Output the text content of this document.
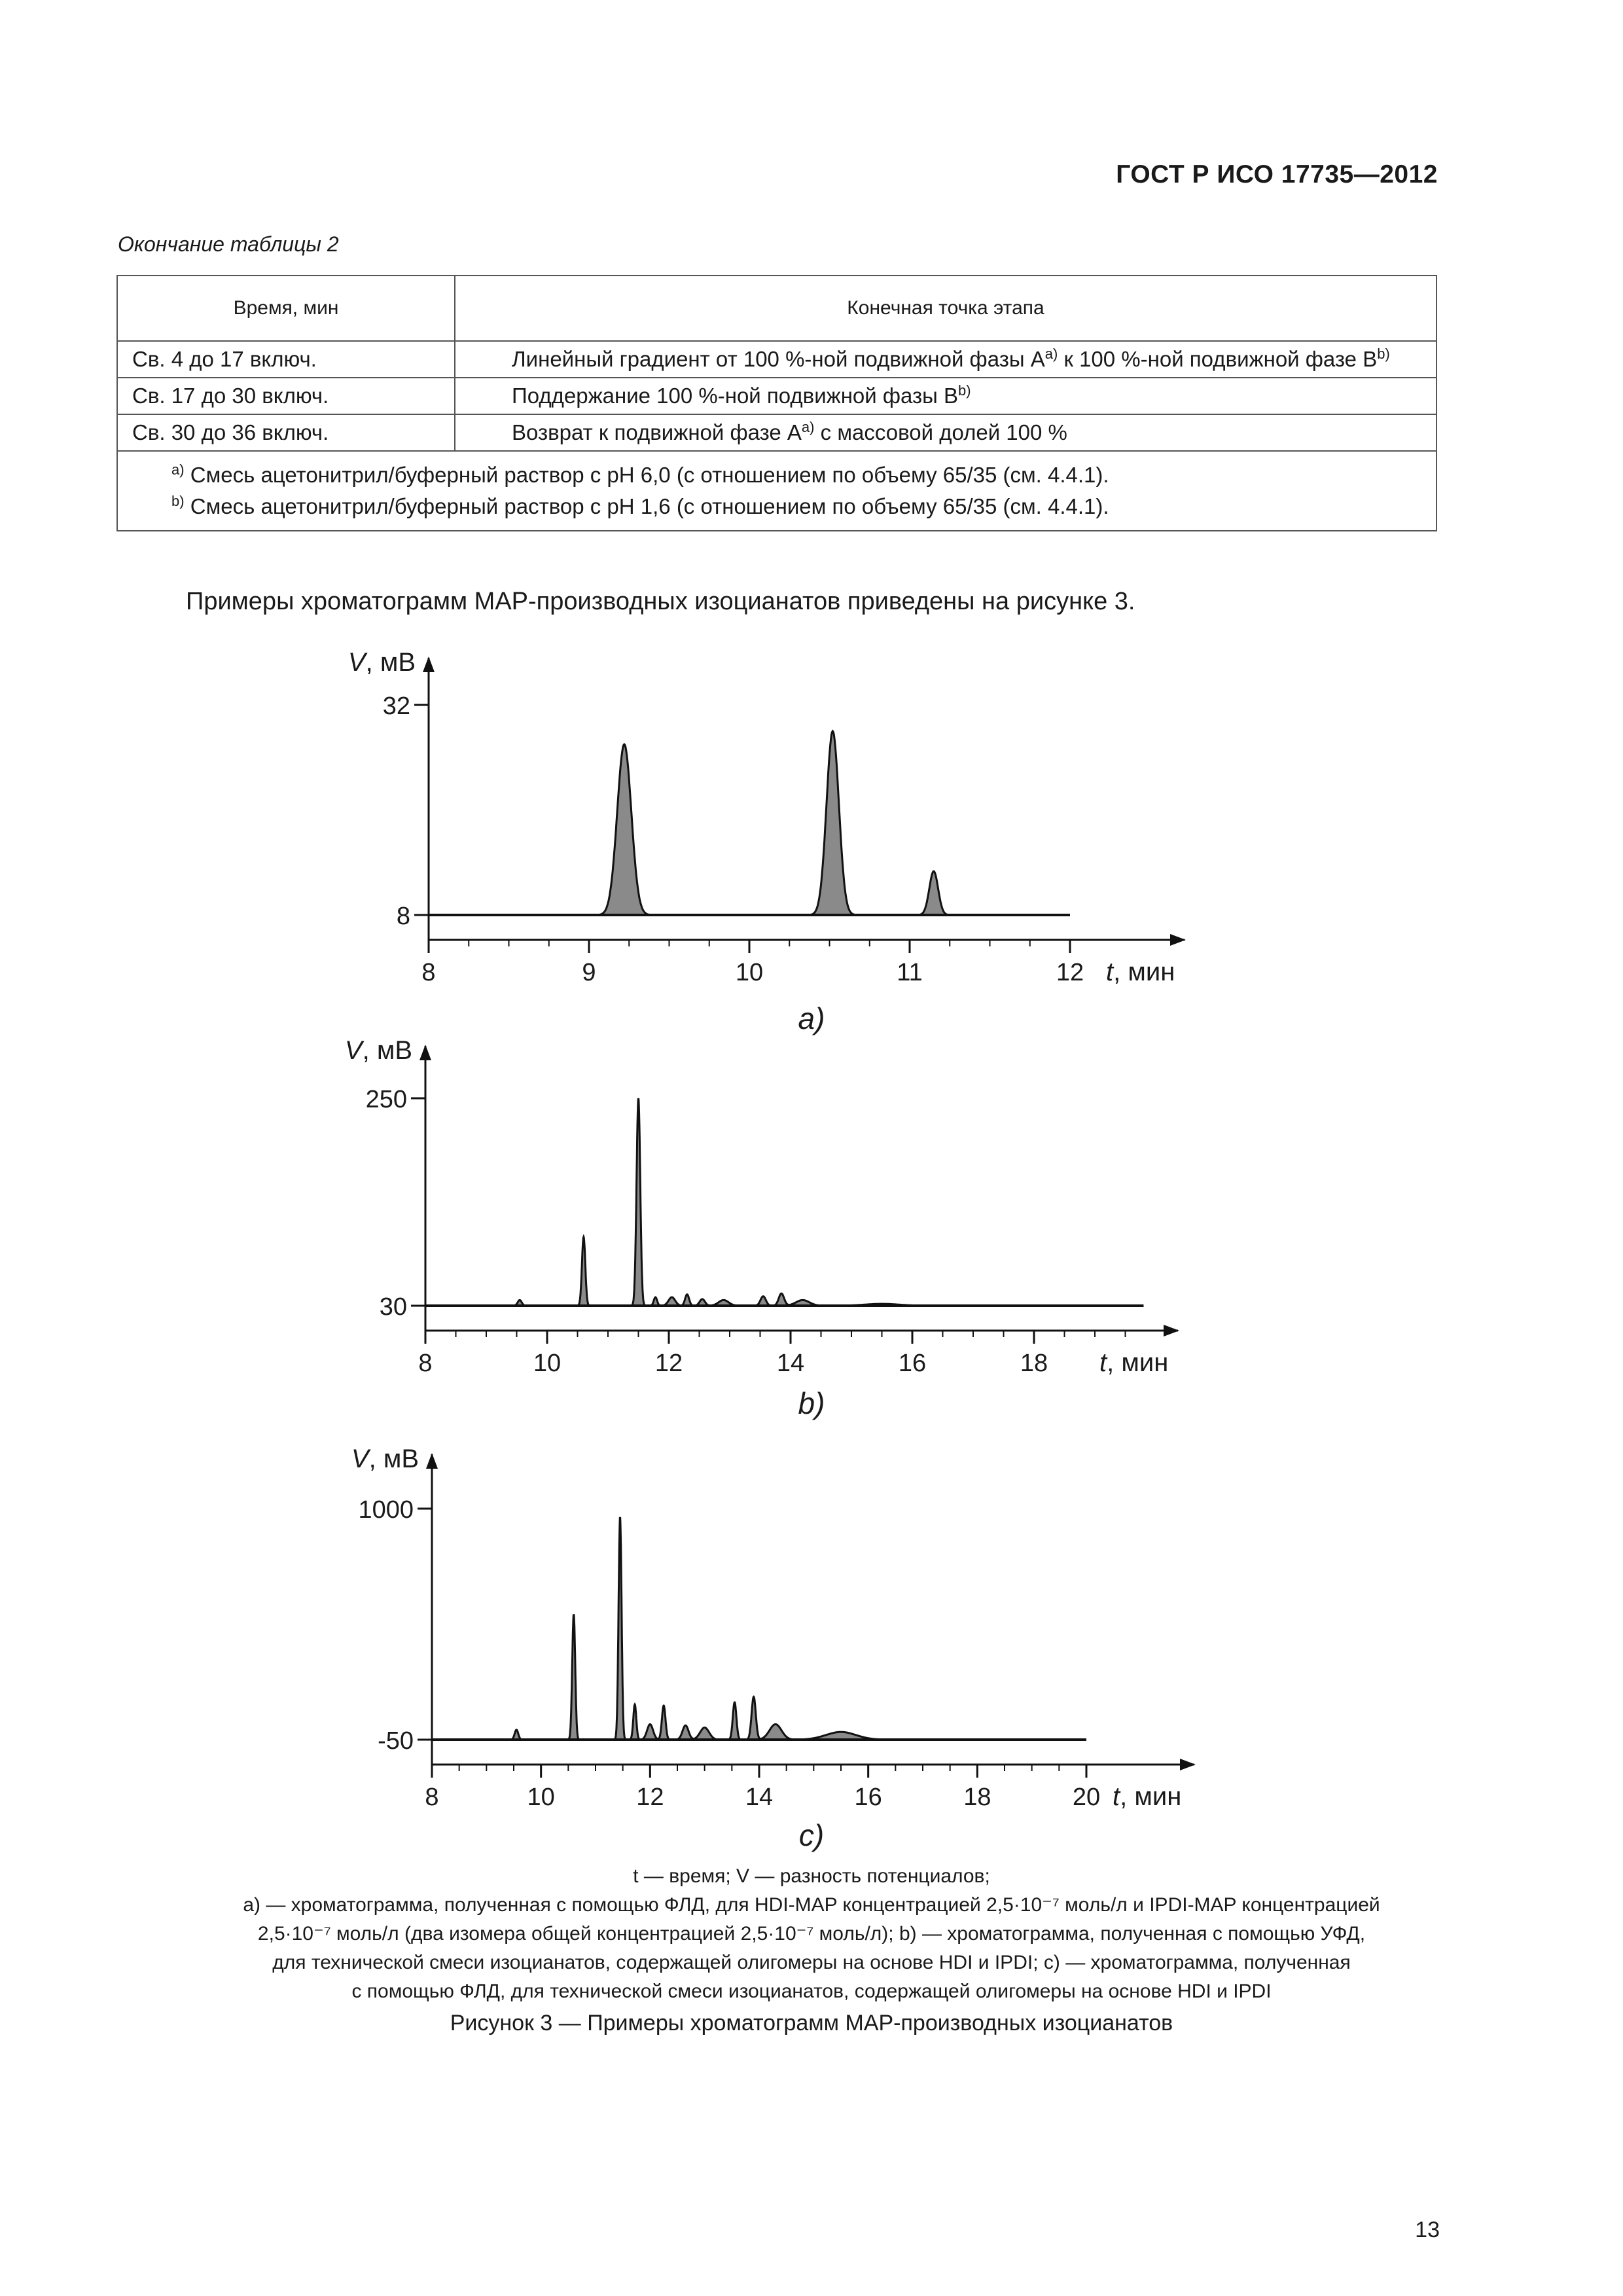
ГОСТ Р ИСО 17735—2012
Окончание таблицы 2
Время, мин	Конечная точка этапа
Св. 4 до 17 включ.	Линейный градиент от 100 %-ной подвижной фазы $A^{a)}$ к 100 %-ной подвижной фазе $B^{b)}$
Св. 17 до 30 включ.	Поддержание 100 %-ной подвижной фазы $B^{b)}$
Св. 30 до 36 включ.	Возврат к подвижной фазе $A^{a)}$ с массовой долей 100 %

$^{a)}$ Смесь ацетонитрил/буферный раствор с pH 6,0 (с отношением по объему 65/35 (см. 4.4.1).
$^{b)}$ Смесь ацетонитрил/буферный раствор с pH 1,6 (с отношением по объему 65/35 (см. 4.4.1).	
Примеры хроматограмм MAP-производных изоцианатов приведены на рисунке 3.
8	9	10	11	12 t, мин
32
8
V, мВ
a)
8	10	12	14	16	18 t, мин
250
30
V, мВ
b)
8	10	12	14	16	18	20 t, мин
1000
-50
V, мВ
c)
t — время; V — разность потенциалов;
a) — хроматограмма, полученная с помощью ФЛД, для HDI-MAP концентрацией 2,5·10⁻⁷ моль/л и IPDI-MAP концентрацией
2,5·10⁻⁷ моль/л (два изомера общей концентрацией 2,5·10⁻⁷ моль/л); b) — хроматограмма, полученная с помощью УФД,
для технической смеси изоцианатов, содержащей олигомеры на основе HDI и IPDI; c) — хроматограмма, полученная
с помощью ФЛД, для технической смеси изоцианатов, содержащей олигомеры на основе HDI и IPDI
Рисунок 3 — Примеры хроматограмм MAP-производных изоцианатов
13
